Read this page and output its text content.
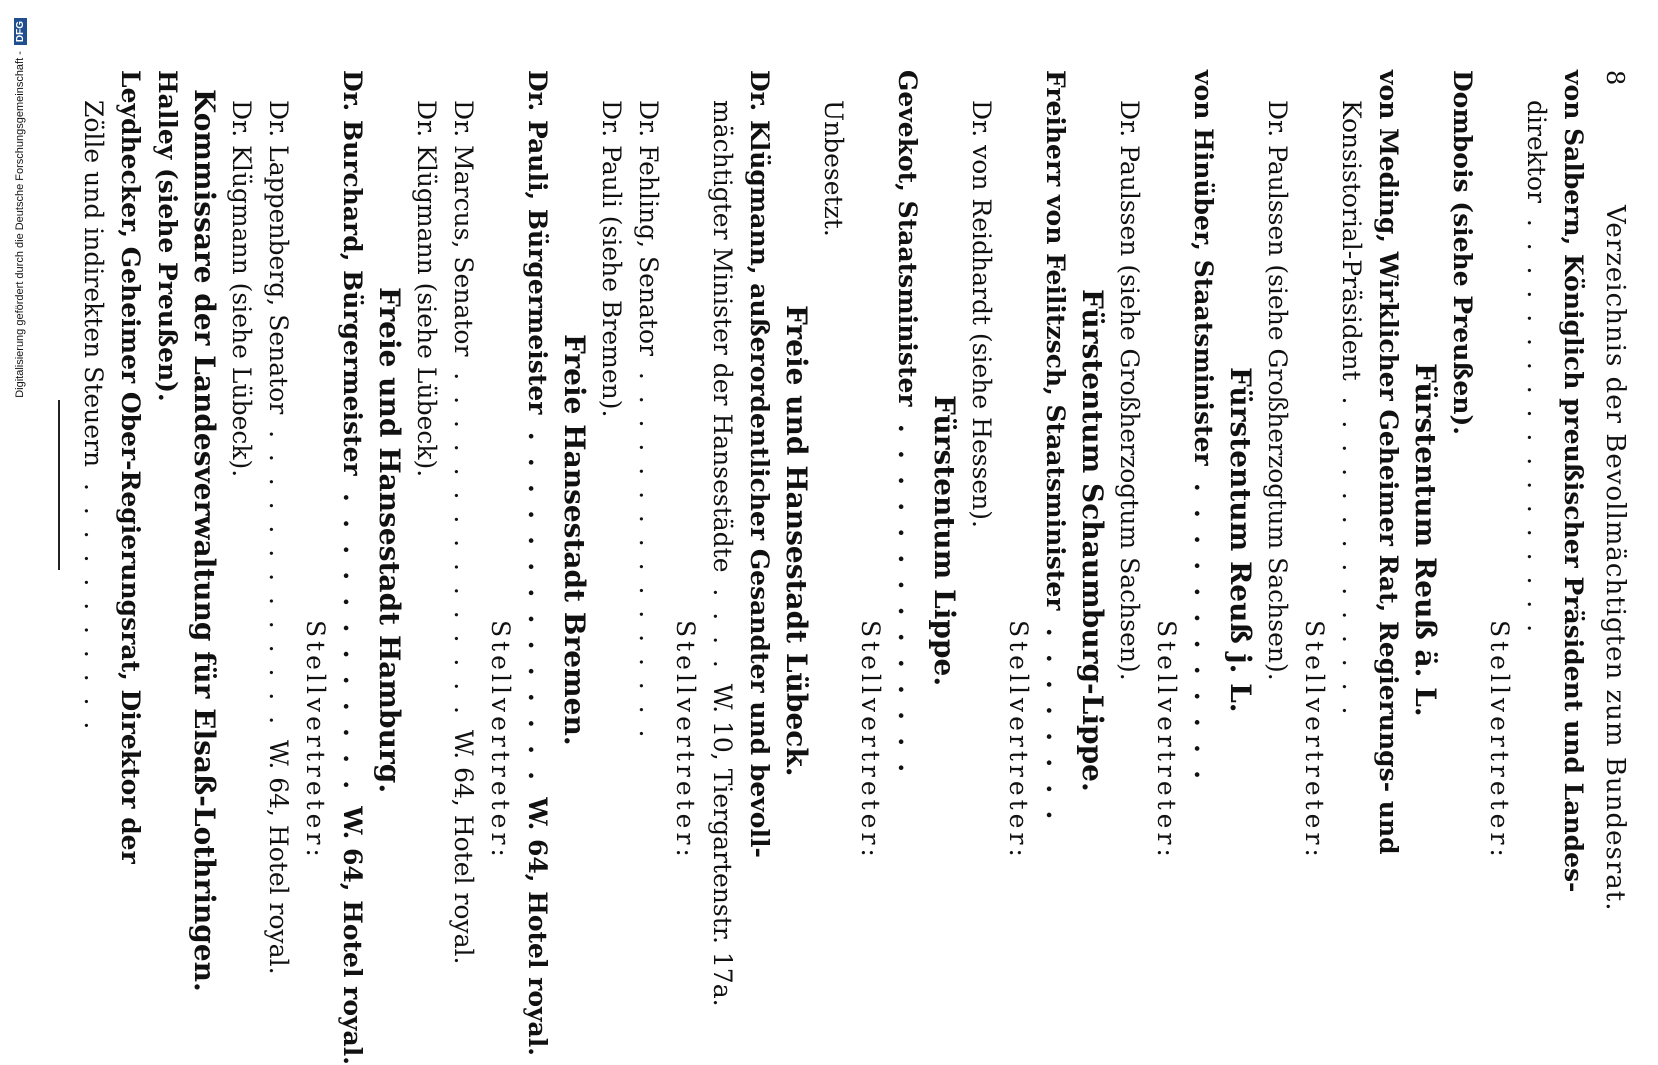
8
Verzeichnis der Bevollmächtigten zum Bundesrat.
von Salbern, Königlich preußischer Präsident und Landes-
direktor  .  .  .  .  .  .  .  .  .  .  .  .  .  .  .  .  .  .
Stellvertreter:
Dombois (siehe Preußen).
Fürstentum Reuß ä. L.
von Meding, Wirklicher Geheimer Rat, Regierungs- und
Konsistorial-Präsident  .  .  .  .  .  .  .  .  .  .  .  .  .  .
Stellvertreter:
Dr. Paulssen (siehe Großherzogtum Sachsen).
Fürstentum Reuß j. L.
von Hinüber, Staatsminister  .  .  .  .  .  .  .  .  .  .  .  .
Stellvertreter:
Dr. Paulssen (siehe Großherzogtum Sachsen).
Fürstentum Schaumburg-Lippe.
Freiherr von Feilitzsch, Staatsminister  .  .  .  .  .  .  .  .
Stellvertreter:
Dr. von Reidhardt (siehe Hessen).
Fürstentum Lippe.
Gevekot, Staatsminister  .  .  .  .  .  .  .  .  .  .  .  .  .  .
Stellvertreter:
Unbesetzt.
Freie und Hansestadt Lübeck.
Dr. Klügmann, außerordentlicher Gesandter und bevoll-
mächtigter Minister der Hansestädte  .  .  .  .  W. 10, Tiergartenstr. 17a.
Stellvertreter:
Dr. Fehling, Senator  .  .  .  .  .  .  .  .  .  .  .  .  .  .  .  .
Dr. Pauli (siehe Bremen).
Freie Hansestadt Bremen.
Dr. Pauli, Bürgermeister  .  .  .  .  .  .  .  .  .  .  .  .  .  .  W. 64, Hotel royal.
Stellvertreter:
Dr. Marcus, Senator  .  .  .  .  .  .  .  .  .  .  .  .  .  .  .  W. 64, Hotel royal.
Dr. Klügmann (siehe Lübeck).
Freie und Hansestadt Hamburg.
Dr. Burchard, Bürgermeister  .  .  .  .  .  .  .  .  .  .  .  .  W. 64, Hotel royal.
Stellvertreter:
Dr. Lappenberg, Senator  .  .  .  .  .  .  .  .  .  .  .  .  .  W. 64, Hotel royal.
Dr. Klügmann (siehe Lübeck).
Kommissare der Landesverwaltung für Elsaß-Lothringen.
Halley (siehe Preußen).
Leydhecker, Geheimer Ober-Regierungsrat, Direktor der
Zölle und indirekten Steuern  .  .  .  .  .  .  .  .  .  .  .
Digitalisierung gefördert durch die Deutsche Forschungsgemeinschaft -
DFG
